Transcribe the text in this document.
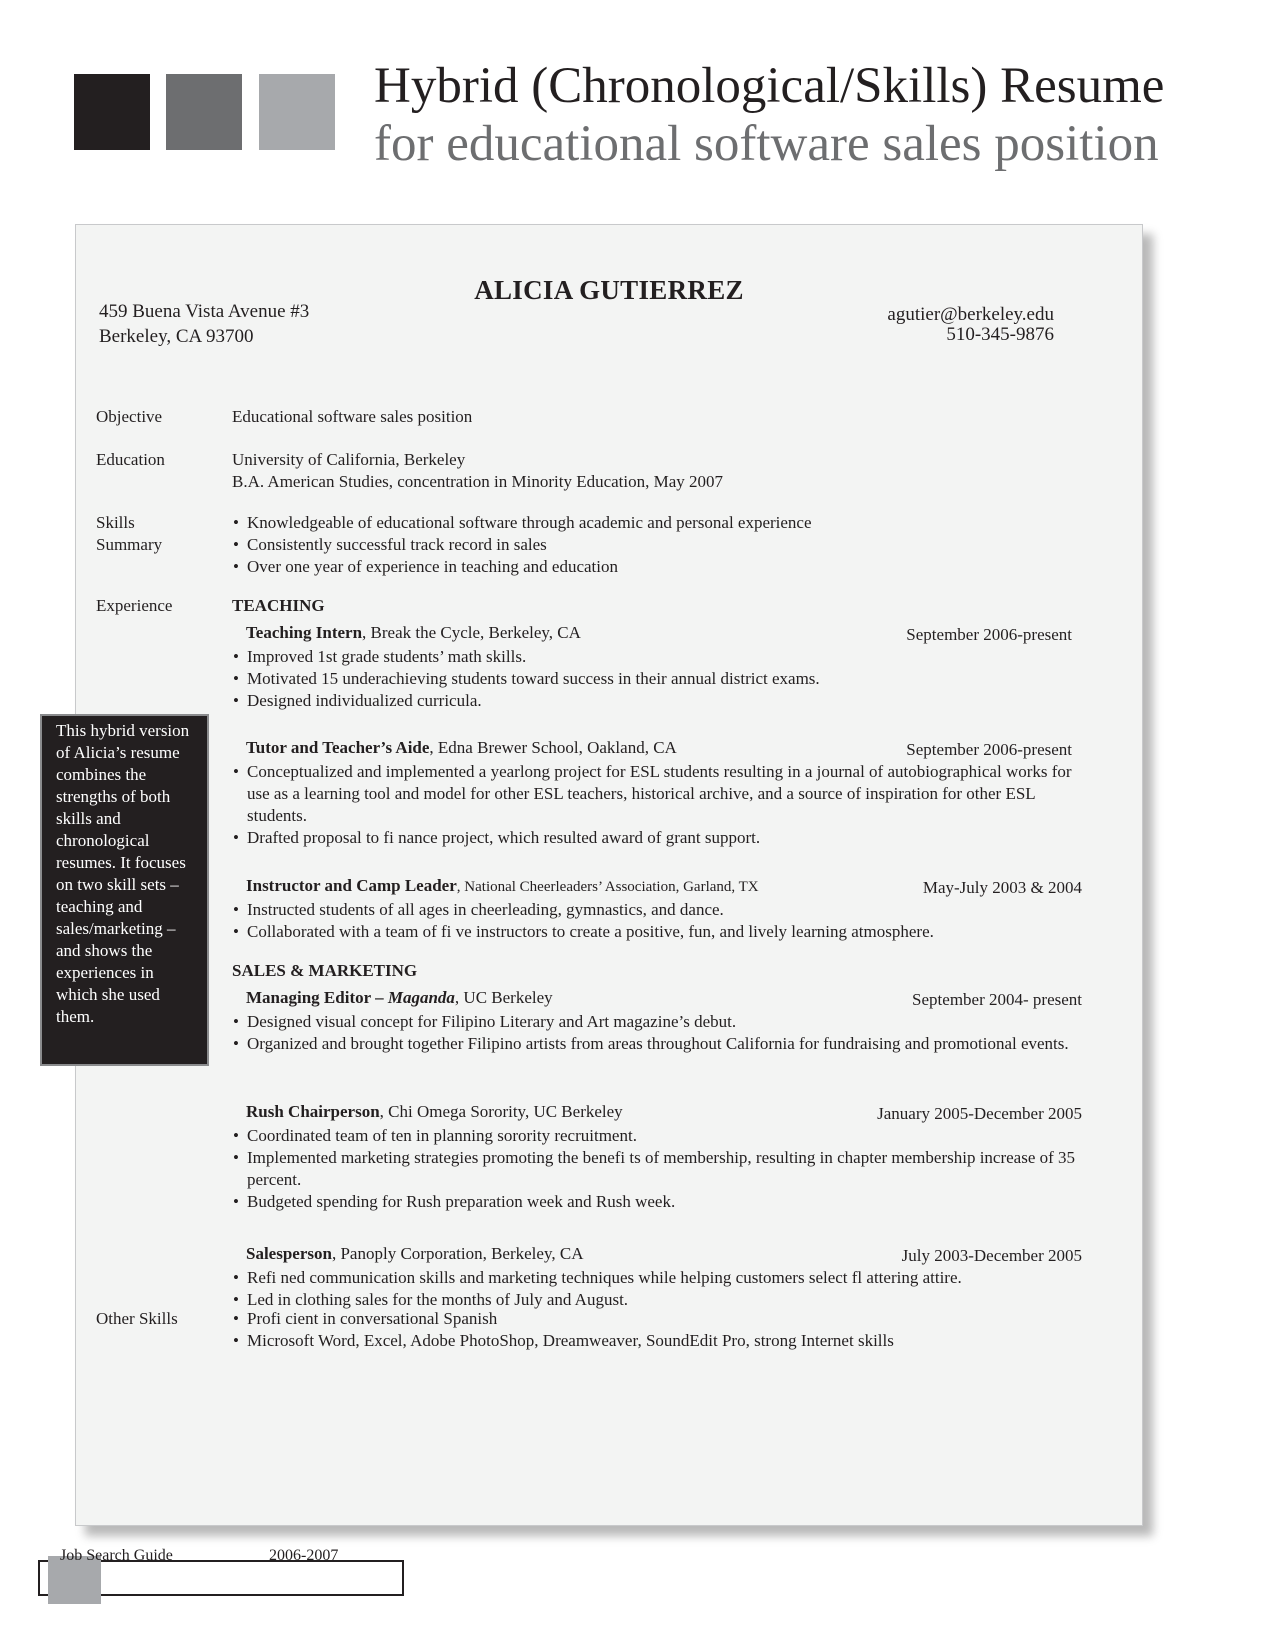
Hybrid (Chronological/Skills) Resume
for educational software sales position
ALICIA GUTIERREZ
459 Buena Vista Avenue #3
Berkeley, CA 93700
agutier@berkeley.edu
510-345-9876
Objective	Educational software sales position
Education	University of California, Berkeley

B.A. American Studies, concentration in Minority Education, May 2007

Skills
Summary
• Knowledgeable of educational software through academic and personal experience
• Consistently successful track record in sales
• Over one year of experience in teaching and education
Experience	TEACHING
Teaching Intern, Break the Cycle, Berkeley, CA	September 2006-present
• Improved 1st grade students’ math skills.
• Motivated 15 underachieving students toward success in their annual district exams.
• Designed individualized curricula.
Tutor and Teacher’s Aide, Edna Brewer School, Oakland, CA	September 2006-present
• Conceptualized and implemented a yearlong project for ESL students resulting in a journal of autobiographical works for use as a learning tool and model for other ESL teachers, historical archive, and a source of inspiration for other ESL students.
• Drafted proposal to fi nance project, which resulted award of grant support.
Instructor and Camp Leader, National Cheerleaders’ Association, Garland, TX	May-July 2003 & 2004
• Instructed students of all ages in cheerleading, gymnastics, and dance.
• Collaborated with a team of fi ve instructors to create a positive, fun, and lively learning atmosphere.
SALES & MARKETING
Managing Editor – Maganda, UC Berkeley	September 2004- present
• Designed visual concept for Filipino Literary and Art magazine’s debut.
• Organized and brought together Filipino artists from areas throughout California for fundraising and promotional events.
Rush Chairperson, Chi Omega Sorority, UC Berkeley	January 2005-December 2005
• Coordinated team of ten in planning sorority recruitment.
• Implemented marketing strategies promoting the benefi ts of membership, resulting in chapter membership increase of 35 percent.
• Budgeted spending for Rush preparation week and Rush week.
Salesperson, Panoply Corporation, Berkeley, CA	July 2003-December 2005
• Refi ned communication skills and marketing techniques while helping customers select fl attering attire.
• Led in clothing sales for the months of July and August.
Other Skills
•	Profi cient in conversational Spanish
• Microsoft Word, Excel, Adobe PhotoShop, Dreamweaver, SoundEdit Pro, strong Internet skills
This hybrid version of Alicia’s resume combines the strengths of both skills and chronological resumes. It focuses on two skill sets – teaching and sales/marketing – and shows the experiences in which she used them.
Job Search Guide	2006-2007
